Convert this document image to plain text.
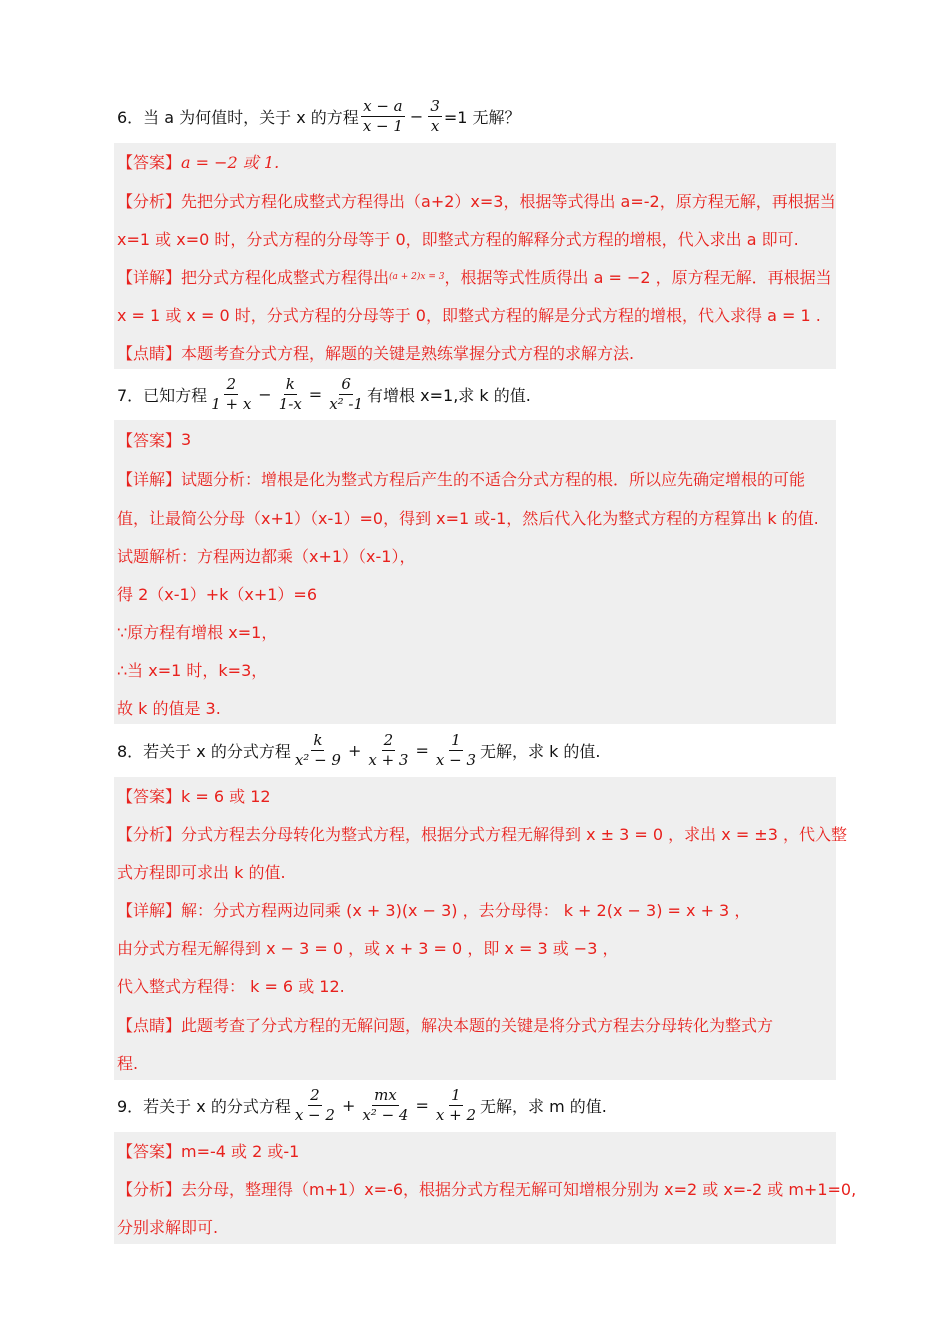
6．当 a 为何值时，关于 x 的方程 $\frac{x - a}{x - 1} - \frac{3}{x} =1$ 无解？
【答案】 a = −2 或 1.
【分析】 先把分式方程化成整式方程得出（a+2）x=3，根据等式得出 a=-2，原方程无解，再根据当
x=1 或 x=0 时，分式方程的分母等于 0，即整式方程的解释分式方程的增根，代入求出 a 即可.
【详解】 把分式方程化成整式方程得出 (a + 2)x = 3 ，根据等式性质得出 a = −2 ，原方程无解．再根据当
x = 1 或 x = 0 时，分式方程的分母等于 0，即整式方程的解是分式方程的增根，代入求得 a = 1 .
【点睛】 本题考查分式方程，解题的关键是熟练掌握分式方程的求解方法.
7．已知方程 $\frac{2}{1 + x} - \frac{k}{1-x} = \frac{6}{\text{x² -1}}$ 有增根 x=1,求 k 的值.
【答案】 3
【详解】 试题分析：增根是化为整式方程后产生的不适合分式方程的根．所以应先确定增根的可能
值，让最简公分母（x+1）（x-1）=0，得到 x=1 或-1，然后代入化为整式方程的方程算出 k 的值.
试题解析：方程两边都乘（x+1）（x-1），
得 2（x-1）+k（x+1）=6
∵原方程有增根 x=1，
∴当 x=1 时，k=3，
故 k 的值是 3.
8．若关于 x 的分式方程 $\frac{k}{\text{x² − 9}} + \frac{2}{x + 3} = \frac{1}{x - 3}$ 无解，求 k 的值.
【答案】 k = 6 或 12
【分析】 分式方程去分母转化为整式方程，根据分式方程无解得到 x ± 3 = 0 ，求出 x = ±3 ，代入整
式方程即可求出 k 的值.
【详解】 解：分式方程两边同乘 (x + 3)(x − 3) ，去分母得： k + 2(x − 3) = x + 3 ，
由分式方程无解得到 x − 3 = 0 ，或 x + 3 = 0 ，即 x = 3 或 −3 ，
代入整式方程得： k = 6 或 12.
【点睛】 此题考查了分式方程的无解问题，解决本题的关键是将分式方程去分母转化为整式方
程.
9．若关于 x 的分式方程 $\frac{2}{x - 2} + \frac{mx}{\text{x² − 4}} = \frac{1}{x + 2}$ 无解，求 m 的值.
【答案】 m=-4 或 2 或-1
【分析】 去分母，整理得（m+1）x=-6，根据分式方程无解可知增根分别为 x=2 或 x=-2 或 m+1=0,
分别求解即可.
